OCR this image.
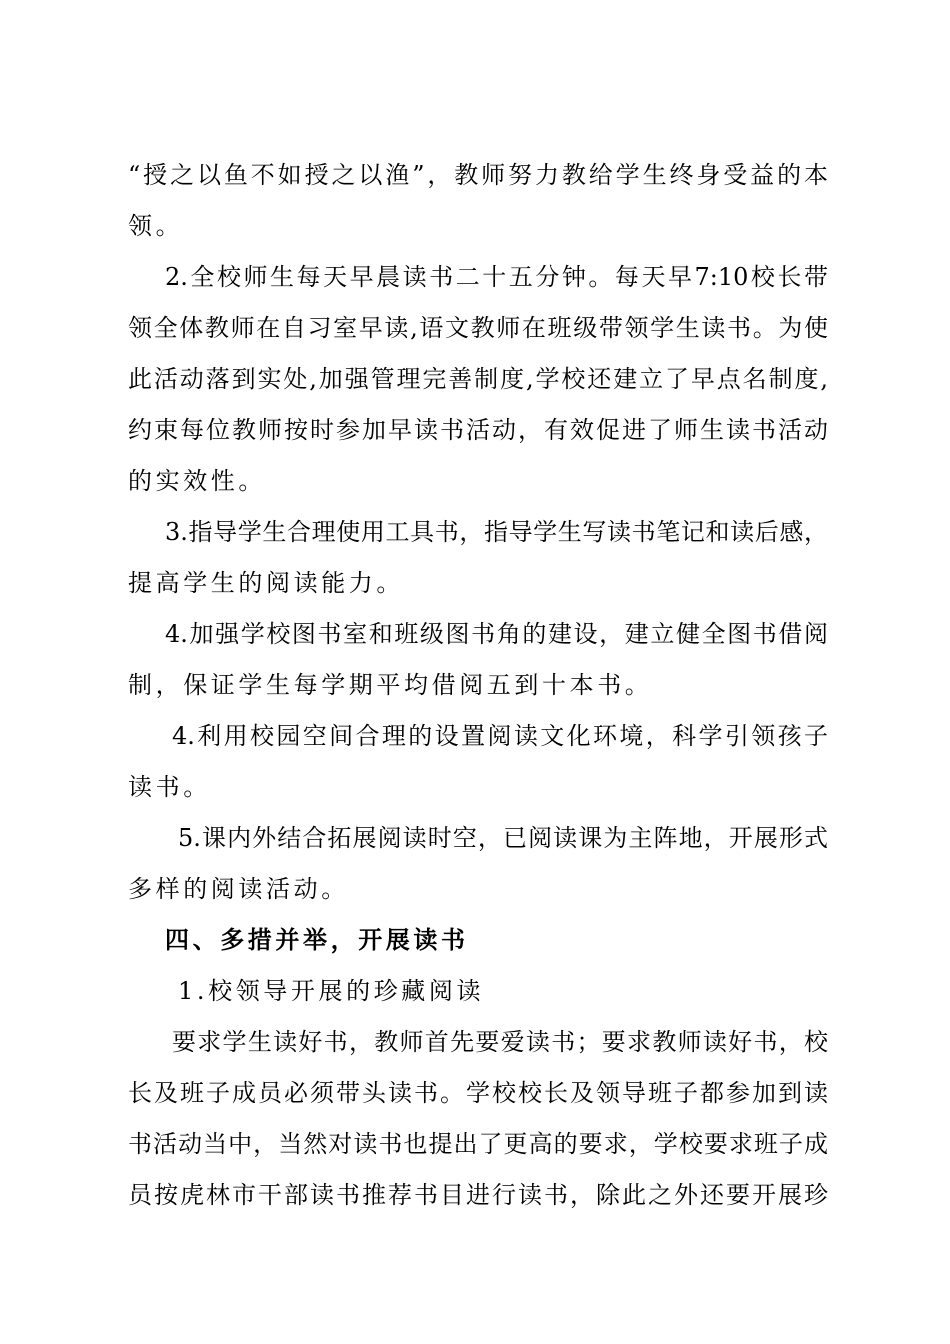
“授之以鱼不如授之以渔”，教师努力教给学生终身受益的本
领。
2.全校师生每天早晨读书二十五分钟。每天早7:10校长带
领全体教师在自习室早读,语文教师在班级带领学生读书。为使
此活动落到实处,加强管理完善制度,学校还建立了早点名制度,
约束每位教师按时参加早读书活动，有效促进了师生读书活动
的实效性。
3.指导学生合理使用工具书，指导学生写读书笔记和读后感，
提高学生的阅读能力。
4.加强学校图书室和班级图书角的建设，建立健全图书借阅
制，保证学生每学期平均借阅五到十本书。
4.利用校园空间合理的设置阅读文化环境，科学引领孩子
读书。
5.课内外结合拓展阅读时空，已阅读课为主阵地，开展形式
多样的阅读活动。
四、多措并举，开展读书
1.校领导开展的珍藏阅读
要求学生读好书，教师首先要爱读书；要求教师读好书，校
长及班子成员必须带头读书。学校校长及领导班子都参加到读
书活动当中，当然对读书也提出了更高的要求，学校要求班子成
员按虎林市干部读书推荐书目进行读书，除此之外还要开展珍
